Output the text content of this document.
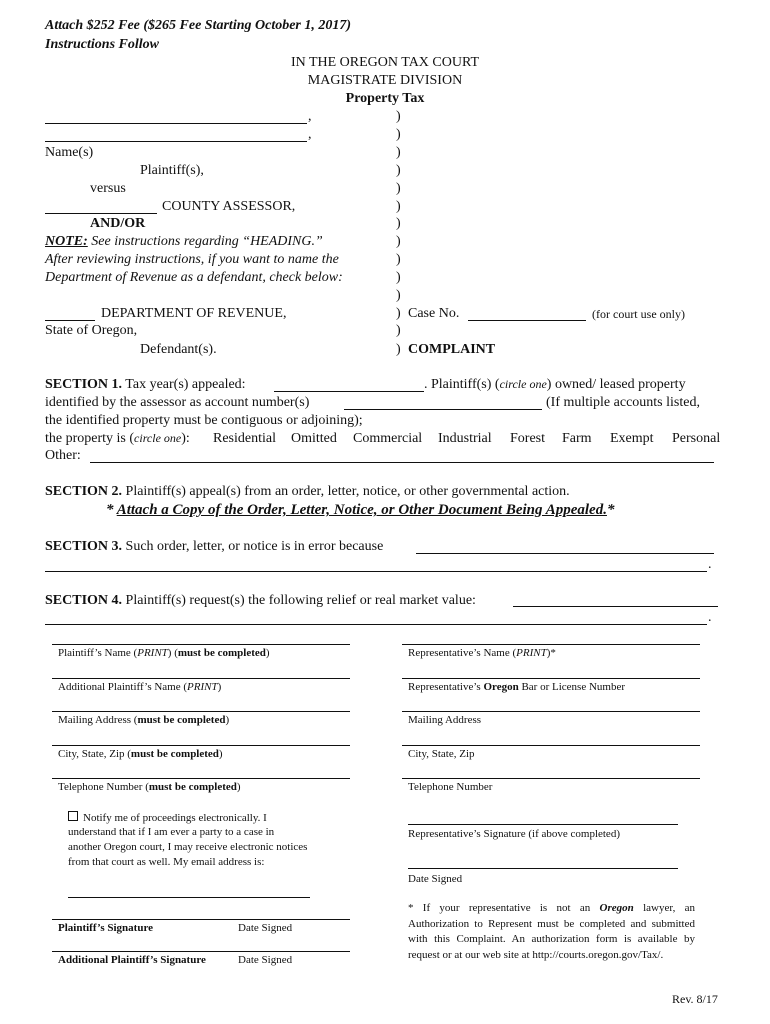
Attach $252 Fee ($265 Fee Starting October 1, 2017)
Instructions Follow
IN THE OREGON TAX COURT
MAGISTRATE DIVISION
Property Tax
,
,
Name(s)
Plaintiff(s),
versus
COUNTY ASSESSOR,
AND/OR
NOTE: See instructions regarding “HEADING.”
After reviewing instructions, if you want to name the
Department of Revenue as a defendant, check below:
DEPARTMENT OF REVENUE,
State of Oregon,
Defendant(s).
)
)
)
)
)
)
)
)
)
)
)
)
)
)
Case No.	(for court use only)
COMPLAINT
SECTION 1. Tax year(s) appealed:	. Plaintiff(s) (circle one) owned/ leased property
identified by the assessor as account number(s)	(If multiple accounts listed,
the identified property must be contiguous or adjoining);
the property is (circle one): Residential Omitted Commercial Industrial Forest Farm Exempt Personal
Other:
SECTION 2. Plaintiff(s) appeal(s) from an order, letter, notice, or other governmental action.
* Attach a Copy of the Order, Letter, Notice, or Other Document Being Appealed.*
SECTION 3. Such order, letter, or notice is in error because
.
SECTION 4. Plaintiff(s) request(s) the following relief or real market value:
.
Plaintiff’s Name (PRINT) (must be completed)
Additional Plaintiff’s Name (PRINT)
Mailing Address (must be completed)
City, State, Zip (must be completed)
Telephone Number (must be completed)
Notify me of proceedings electronically. I
understand that if I am ever a party to a case in
another Oregon court, I may receive electronic notices
from that court as well. My email address is:
Plaintiff’s Signature	Date Signed
Additional Plaintiff’s Signature	Date Signed
Representative’s Name (PRINT)*
Representative’s Oregon Bar or License Number
Mailing Address
City, State, Zip
Telephone Number
Representative’s Signature (if above completed)
Date Signed
* If your representative is not an Oregon lawyer, an Authorization to Represent must be completed and submitted with this Complaint. An authorization form is available by request or at our web site at http://courts.oregon.gov/Tax/.
Rev. 8/17
